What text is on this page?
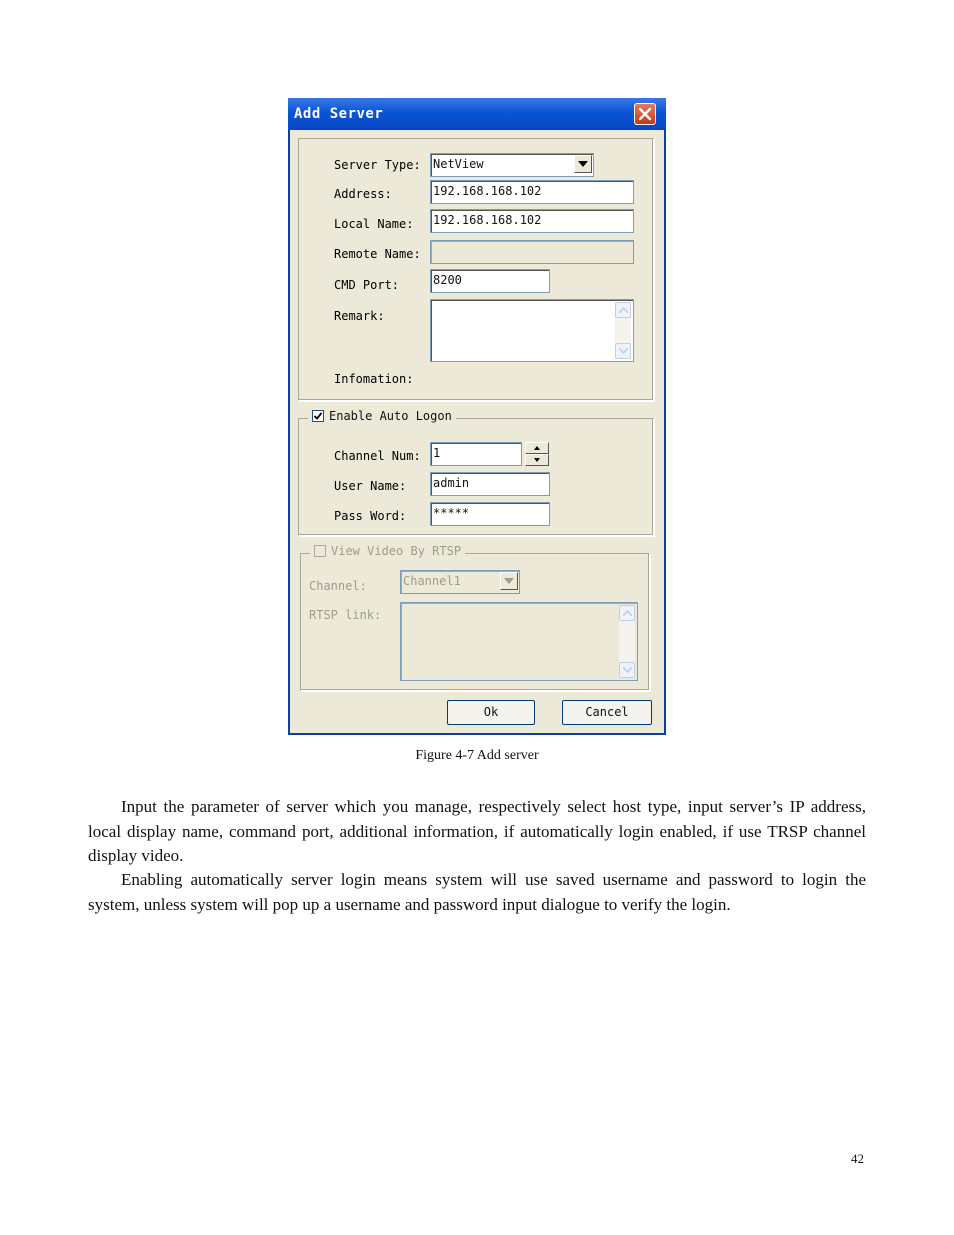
Add Server
Server Type: NetView
Address:	192.168.168.102
Local Name: 192.168.168.102
Remote Name:
CMD Port:	8200
Remark:
Infomation:
Enable Auto Logon
Channel Num: 1
User Name: admin
Pass Word: *****
View Video By RTSP
Channel:	Channel1
RTSP link:
Ok	Cancel
Figure 4-7 Add server

Input the parameter of server which you manage, respectively select host type, input server’s IP address, local display name, command port, additional information, if automatically login enabled, if use TRSP channel display video.

Enabling automatically server login means system will use saved username and password to login the system, unless system will pop up a username and password input dialogue to verify the login.

42
